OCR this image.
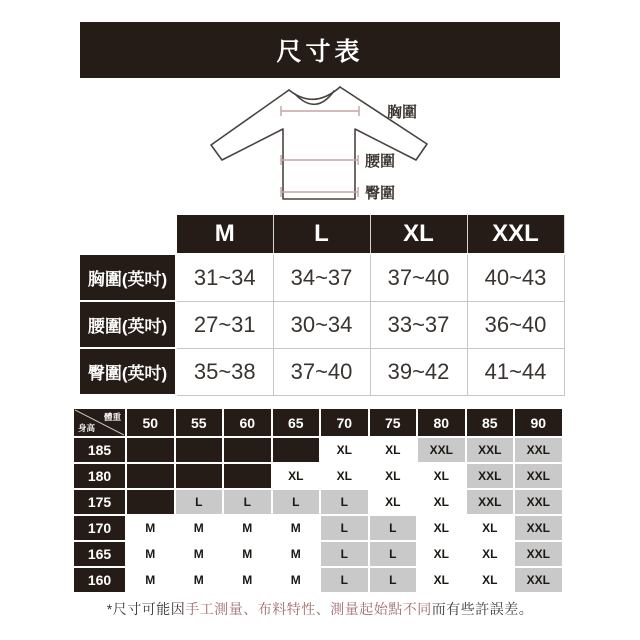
尺寸表
胸圍
腰圍
臀圍
	M	L	XL	XXL
胸圍(英吋)	31~34	34~37	37~40	40~43
腰圍(英吋)	27~31	30~34	33~37	36~40
臀圍(英吋)	35~38	37~40	39~42	41~44
體重
身高	50	55	60	65	70	75	80	85	90
185					XL	XL	XXL	XXL	XXL
180				XL	XL	XL	XL	XXL	XXL
175		L	L	L	L	XL	XL	XXL	XXL
170	M	M	M	M	L	L	XL	XL	XXL
165	M	M	M	M	L	L	XL	XL	XXL
160	M	M	M	M	L	L	XL	XL	XXL
*尺寸可能因手工測量、布料特性、測量起始點不同而有些許誤差。
